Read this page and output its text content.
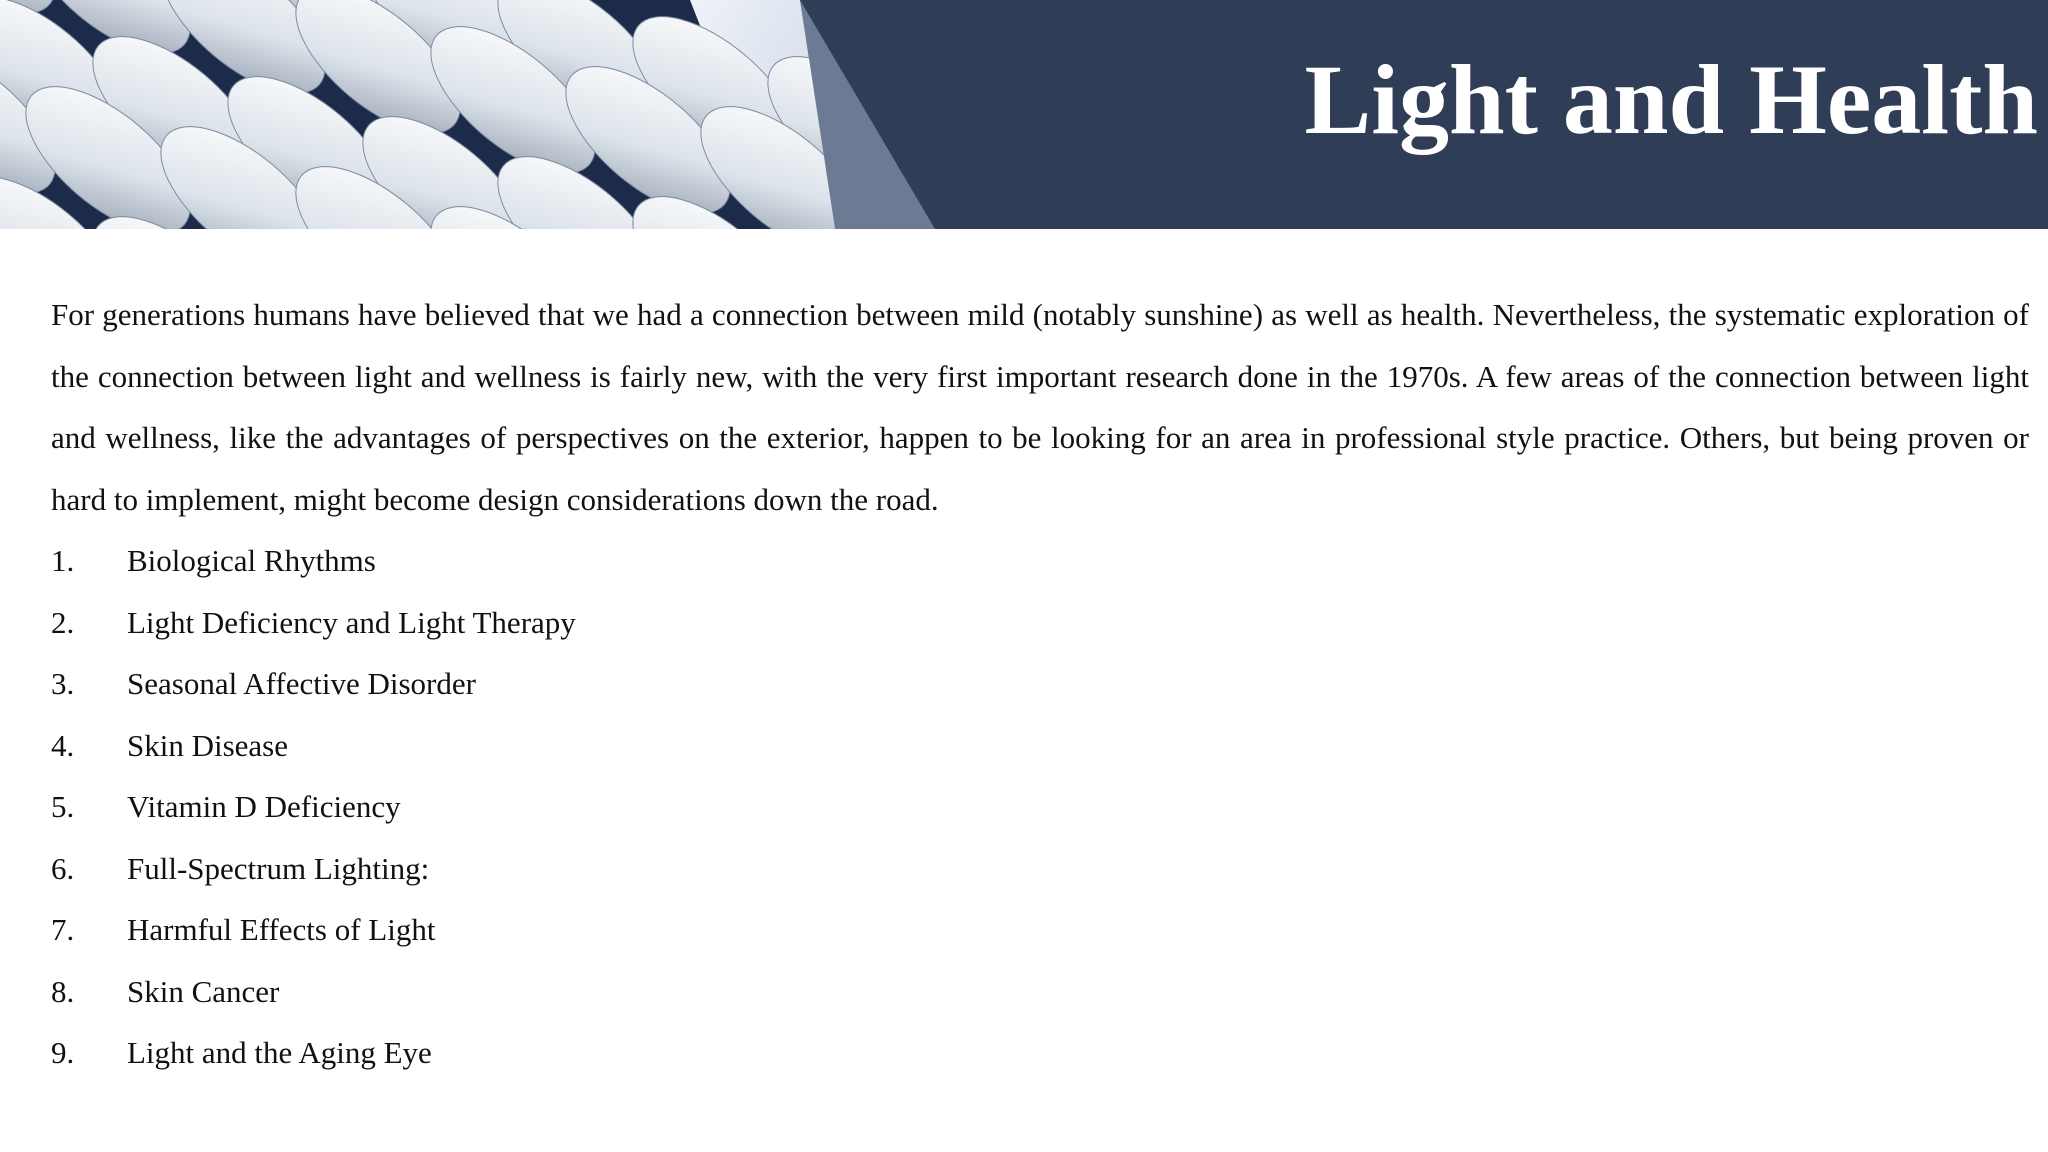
Light and Health

For generations humans have believed that we had a connection between mild (notably sunshine) as well as health. Nevertheless, the systematic exploration of the connection between light and wellness is fairly new, with the very first important research done in the 1970s. A few areas of the connection between light and wellness, like the advantages of perspectives on the exterior, happen to be looking for an area in professional style practice. Others, but being proven or hard to implement, might become design considerations down the road.

1. Biological Rhythms
2. Light Deficiency and Light Therapy
3. Seasonal Affective Disorder
4. Skin Disease
5. Vitamin D Deficiency
6. Full-Spectrum Lighting:
7. Harmful Effects of Light
8. Skin Cancer
9. Light and the Aging Eye
